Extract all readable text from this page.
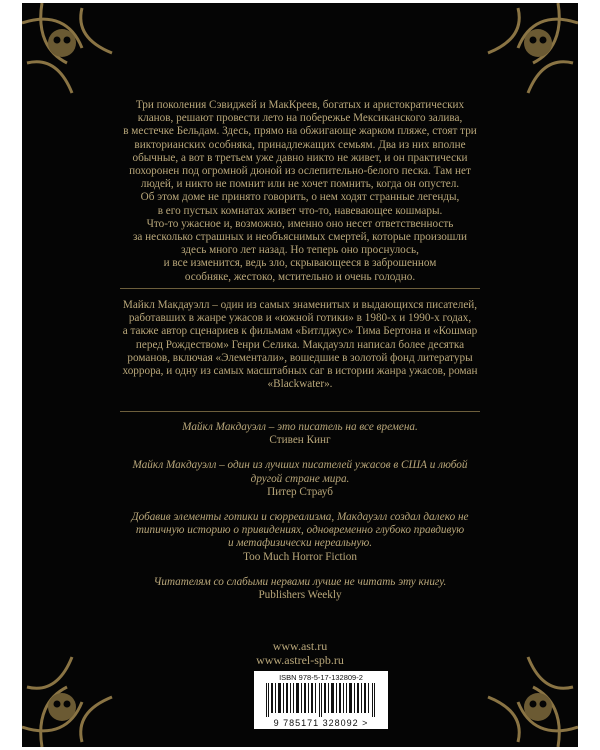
Три поколения Сэвиджей и МакКреев, богатых и аристократических
кланов, решают провести лето на побережье Мексиканского залива,
в местечке Бельдам. Здесь, прямо на обжигающе жарком пляже, стоят три
викторианских особняка, принадлежащих семьям. Два из них вполне
обычные, а вот в третьем уже давно никто не живет, и он практически
похоронен под огромной дюной из ослепительно-белого песка. Там нет
людей, и никто не помнит или не хочет помнить, когда он опустел.
Об этом доме не принято говорить, о нем ходят странные легенды,
в его пустых комнатах живет что-то, навевающее кошмары.
Что-то ужасное и, возможно, именно оно несет ответственность
за несколько страшных и необъяснимых смертей, которые произошли
здесь много лет назад. Но теперь оно проснулось,
и все изменится, ведь зло, скрывающееся в заброшенном
особняке, жестоко, мстительно и очень голодно.
Майкл Макдауэлл – один из самых знаменитых и выдающихся писателей,
работавших в жанре ужасов и «южной готики» в 1980-х и 1990-х годах,
а также автор сценариев к фильмам «Битлджус» Тима Бертона и «Кошмар
перед Рождеством» Генри Селика. Макдауэлл написал более десятка
романов, включая «Элементали», вошедшие в золотой фонд литературы
хоррора, и одну из самых масштабных саг в истории жанра ужасов, роман
«Blackwater».
Майкл Макдауэлл – это писатель на все времена.
Стивен Кинг
Майкл Макдауэлл – один из лучших писателей ужасов в США и любой
другой стране мира.
Питер Страуб
Добавив элементы готики и сюрреализма, Макдауэлл создал далеко не
типичную историю о привидениях, одновременно глубоко правдивую
и метафизически нереальную.
Too Much Horror Fiction
Читателям со слабыми нервами лучше не читать эту книгу.
Publishers Weekly
www.ast.ru
www.astrel-spb.ru
ISBN 978-5-17-132809-2
9 785171 328092 >
